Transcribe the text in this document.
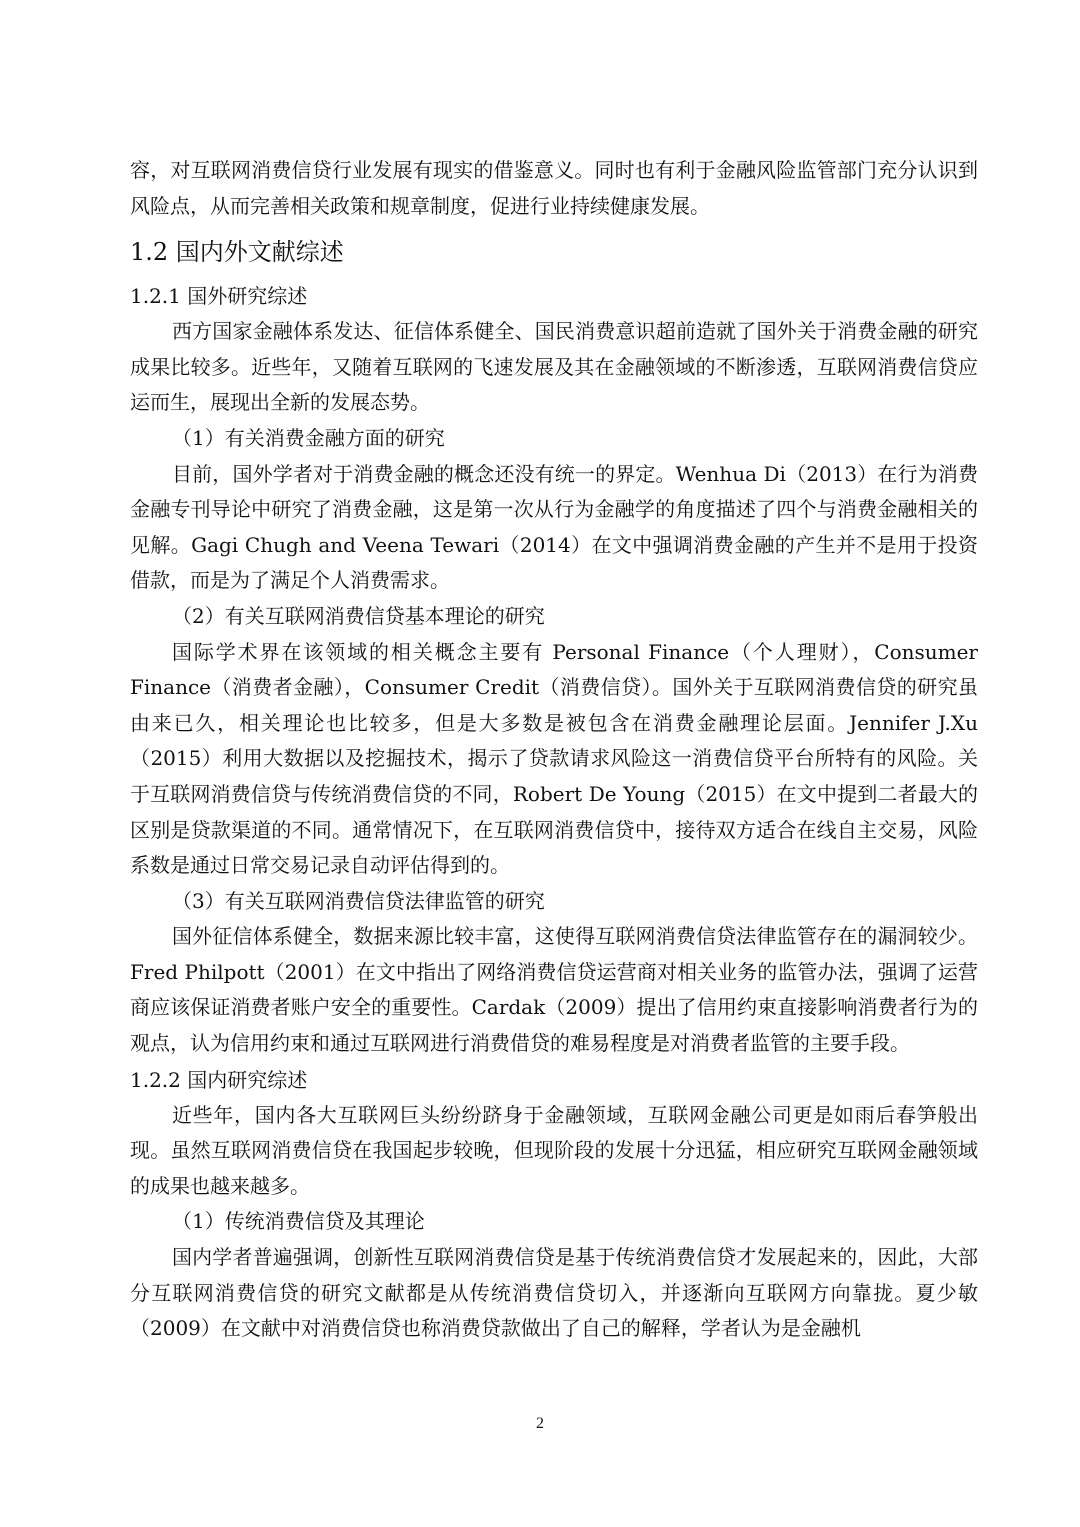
容，对互联网消费信贷行业发展有现实的借鉴意义。同时也有利于金融风险监管部门充分认识到风险点，从而完善相关政策和规章制度，促进行业持续健康发展。

1.2 国内外文献综述
1.2.1 国外研究综述

西方国家金融体系发达、征信体系健全、国民消费意识超前造就了国外关于消费金融的研究成果比较多。近些年，又随着互联网的飞速发展及其在金融领域的不断渗透，互联网消费信贷应运而生，展现出全新的发展态势。

（1）有关消费金融方面的研究

目前，国外学者对于消费金融的概念还没有统一的界定。Wenhua Di（2013）在行为消费金融专刊导论中研究了消费金融，这是第一次从行为金融学的角度描述了四个与消费金融相关的见解。Gagi Chugh and Veena Tewari（2014）在文中强调消费金融的产生并不是用于投资借款，而是为了满足个人消费需求。

（2）有关互联网消费信贷基本理论的研究

国际学术界在该领域的相关概念主要有 Personal Finance（个人理财），Consumer Finance（消费者金融），Consumer Credit（消费信贷）。国外关于互联网消费信贷的研究虽由来已久，相关理论也比较多，但是大多数是被包含在消费金融理论层面。Jennifer J.Xu（2015）利用大数据以及挖掘技术，揭示了贷款请求风险这一消费信贷平台所特有的风险。关于互联网消费信贷与传统消费信贷的不同，Robert De Young（2015）在文中提到二者最大的区别是贷款渠道的不同。通常情况下，在互联网消费信贷中，接待双方适合在线自主交易，风险系数是通过日常交易记录自动评估得到的。

（3）有关互联网消费信贷法律监管的研究

国外征信体系健全，数据来源比较丰富，这使得互联网消费信贷法律监管存在的漏洞较少。Fred Philpott（2001）在文中指出了网络消费信贷运营商对相关业务的监管办法，强调了运营商应该保证消费者账户安全的重要性。Cardak（2009）提出了信用约束直接影响消费者行为的观点，认为信用约束和通过互联网进行消费借贷的难易程度是对消费者监管的主要手段。

1.2.2 国内研究综述

近些年，国内各大互联网巨头纷纷跻身于金融领域，互联网金融公司更是如雨后春笋般出现。虽然互联网消费信贷在我国起步较晚，但现阶段的发展十分迅猛，相应研究互联网金融领域的成果也越来越多。

（1）传统消费信贷及其理论

国内学者普遍强调，创新性互联网消费信贷是基于传统消费信贷才发展起来的，因此，大部分互联网消费信贷的研究文献都是从传统消费信贷切入，并逐渐向互联网方向靠拢。夏少敏（2009）在文献中对消费信贷也称消费贷款做出了自己的解释，学者认为是金融机

2
